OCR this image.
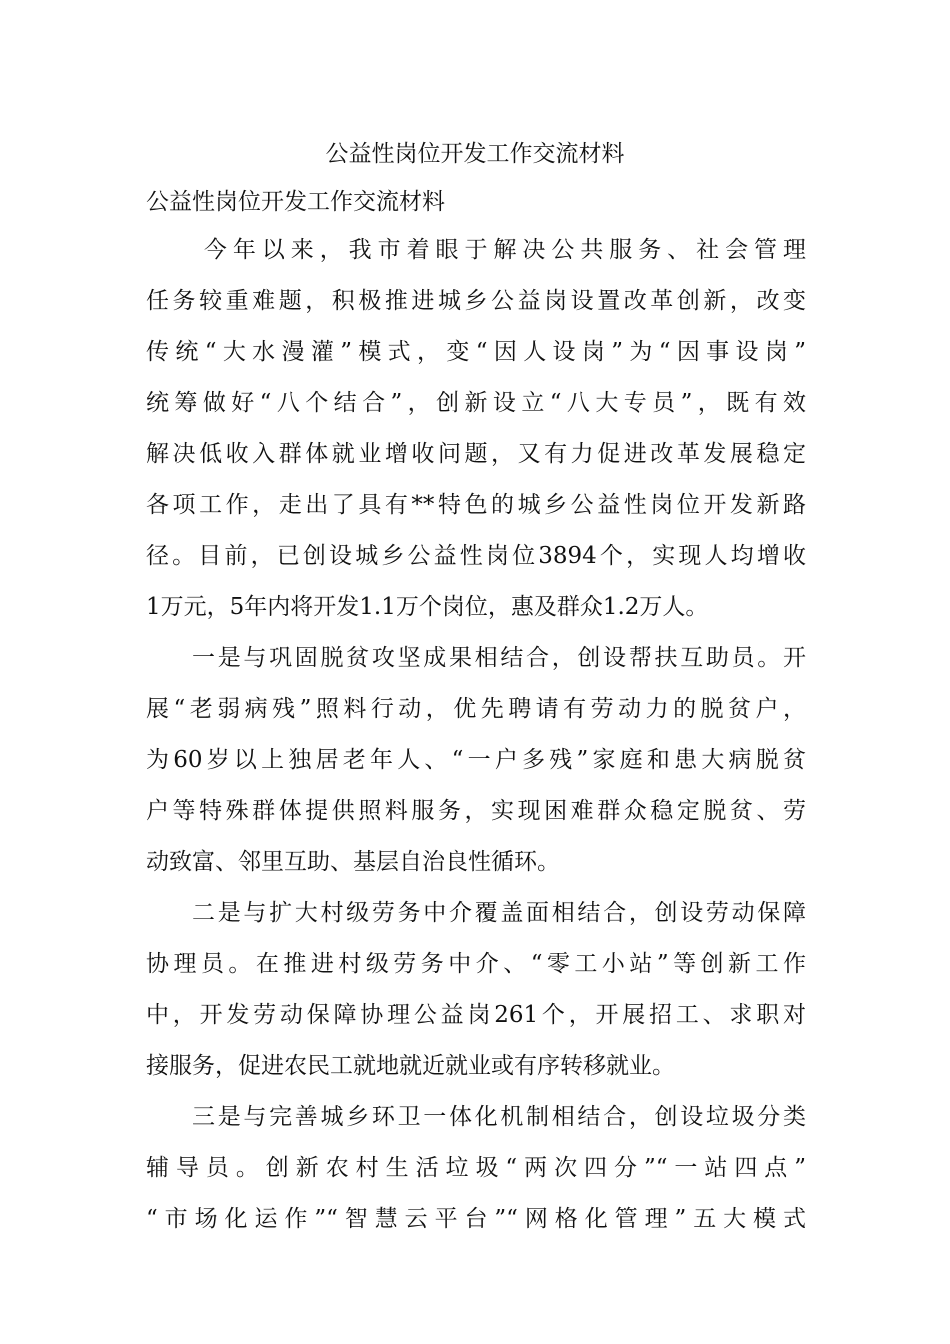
公益性岗位开发工作交流材料
公益性岗位开发工作交流材料
　　今年以来，我市着眼于解决公共服务、社会管理
任务较重难题，积极推进城乡公益岗设置改革创新，改变
传统“大水漫灌”模式，变“因人设岗”为“因事设岗”
统筹做好“八个结合”，创新设立“八大专员”，既有效
解决低收入群体就业增收问题，又有力促进改革发展稳定
各项工作，走出了具有**特色的城乡公益性岗位开发新路
径。目前，已创设城乡公益性岗位3894个，实现人均增收
1万元，5年内将开发1.1万个岗位，惠及群众1.2万人。
一是与巩固脱贫攻坚成果相结合，创设帮扶互助员。开
展“老弱病残”照料行动，优先聘请有劳动力的脱贫户，
为60岁以上独居老年人、“一户多残”家庭和患大病脱贫
户等特殊群体提供照料服务，实现困难群众稳定脱贫、劳
动致富、邻里互助、基层自治良性循环。
二是与扩大村级劳务中介覆盖面相结合，创设劳动保障
协理员。在推进村级劳务中介、“零工小站”等创新工作
中，开发劳动保障协理公益岗261个，开展招工、求职对
接服务，促进农民工就地就近就业或有序转移就业。
三是与完善城乡环卫一体化机制相结合，创设垃圾分类
辅导员。创新农村生活垃圾“两次四分”“一站四点”
“市场化运作”“智慧云平台”“网格化管理”五大模式
